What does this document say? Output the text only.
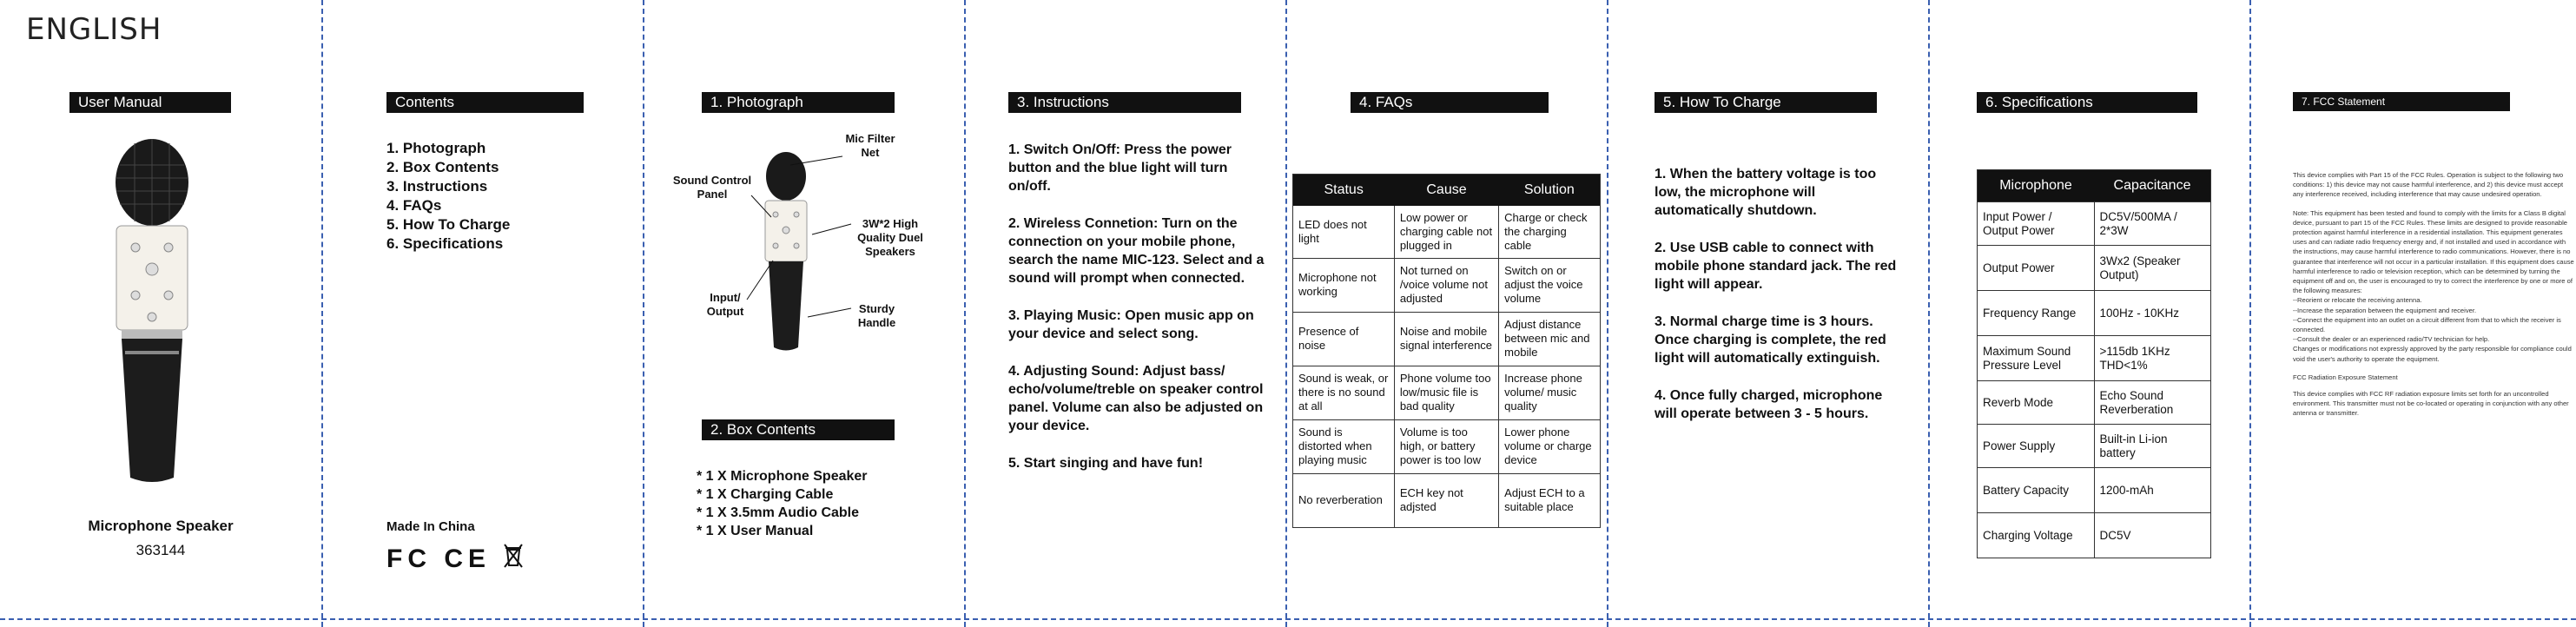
ENGLISH
User Manual
Microphone Speaker
363144
Contents
1. Photograph
2. Box Contents
3. Instructions
4. FAQs
5. How To Charge
6. Specifications
Made In China
FC CE
1. Photograph
Mic Filter Net
Sound Control Panel
3W*2 High Quality Duel Speakers
Input/ Output	Sturdy Handle
2. Box Contents
* 1 X Microphone Speaker
* 1 X Charging Cable
* 1 X 3.5mm Audio Cable
* 1 X User Manual
3. Instructions

1. Switch On/Off: Press the power button and the blue light will turn on/off.

2. Wireless Connetion: Turn on the connection on your mobile phone, search the name MIC-123. Select and a sound will prompt when connected.

3. Playing Music: Open music app on your device and select song.

4. Adjusting Sound: Adjust bass/ echo/volume/treble on speaker control panel. Volume can also be adjusted on your device.

5. Start singing and have fun!

4. FAQs
Status	Cause	Solution
LED does not light	Low power or charging cable not plugged in	Charge or check the charging cable
Microphone not working	Not turned on /voice volume not adjusted	Switch on or adjust the voice volume
Presence of noise	Noise and mobile signal interference	Adjust distance between mic and mobile
Sound is weak, or there is no sound at all	Phone volume too low/music file is bad quality	Increase phone volume/ music quality
Sound is distorted when playing music	Volume is too high, or battery power is too low	Lower phone volume or charge device
No reverberation	ECH key not adjsted	Adjust ECH to a suitable place
5. How To Charge

1. When the battery voltage is too low, the microphone will automatically shutdown.

2. Use USB cable to connect with mobile phone standard jack. The red light will appear.

3. Normal charge time is 3 hours. Once charging is complete, the red light will automatically extinguish.

4. Once fully charged, microphone will operate between 3 - 5 hours.

6. Specifications
Microphone	Capacitance
Input Power / Output Power	DC5V/500MA / 2*3W
Output Power	3Wx2 (Speaker Output)
Frequency Range	100Hz - 10KHz
Maximum Sound Pressure Level	>115db 1KHz THD<1%
Reverb Mode	Echo Sound Reverberation
Power Supply	Built-in Li-ion battery
Battery Capacity	1200-mAh
Charging Voltage	DC5V
7. FCC Statement

This device complies with Part 15 of the FCC Rules. Operation is subject to the following two conditions: 1) this device may not cause harmful interference, and 2) this device must accept any interference received, including interference that may cause undesired operation.

Note: This equipment has been tested and found to comply with the limits for a Class B digital device, pursuant to part 15 of the FCC Rules. These limits are designed to provide reasonable protection against harmful interference in a residential installation. This equipment generates uses and can radiate radio frequency energy and, if not installed and used in accordance with the instructions, may cause harmful interference to radio communications. However, there is no guarantee that interference will not occur in a particular installation. If this equipment does cause harmful interference to radio or television reception, which can be determined by turning the equipment off and on, the user is encouraged to try to correct the interference by one or more of the following measures:

--Reorient or relocate the receiving antenna.
--Increase the separation between the equipment and receiver.
--Connect the equipment into an outlet on a circuit different from that to which the receiver is connected.
--Consult the dealer or an experienced radio/TV technician for help.

Changes or modifications not expressly approved by the party responsible for compliance could void the user's authority to operate the equipment.

FCC Radiation Exposure Statement

This device complies with FCC RF radiation exposure limits set forth for an uncontrolled environment. This transmitter must not be co-located or operating in conjunction with any other antenna or transmitter.
